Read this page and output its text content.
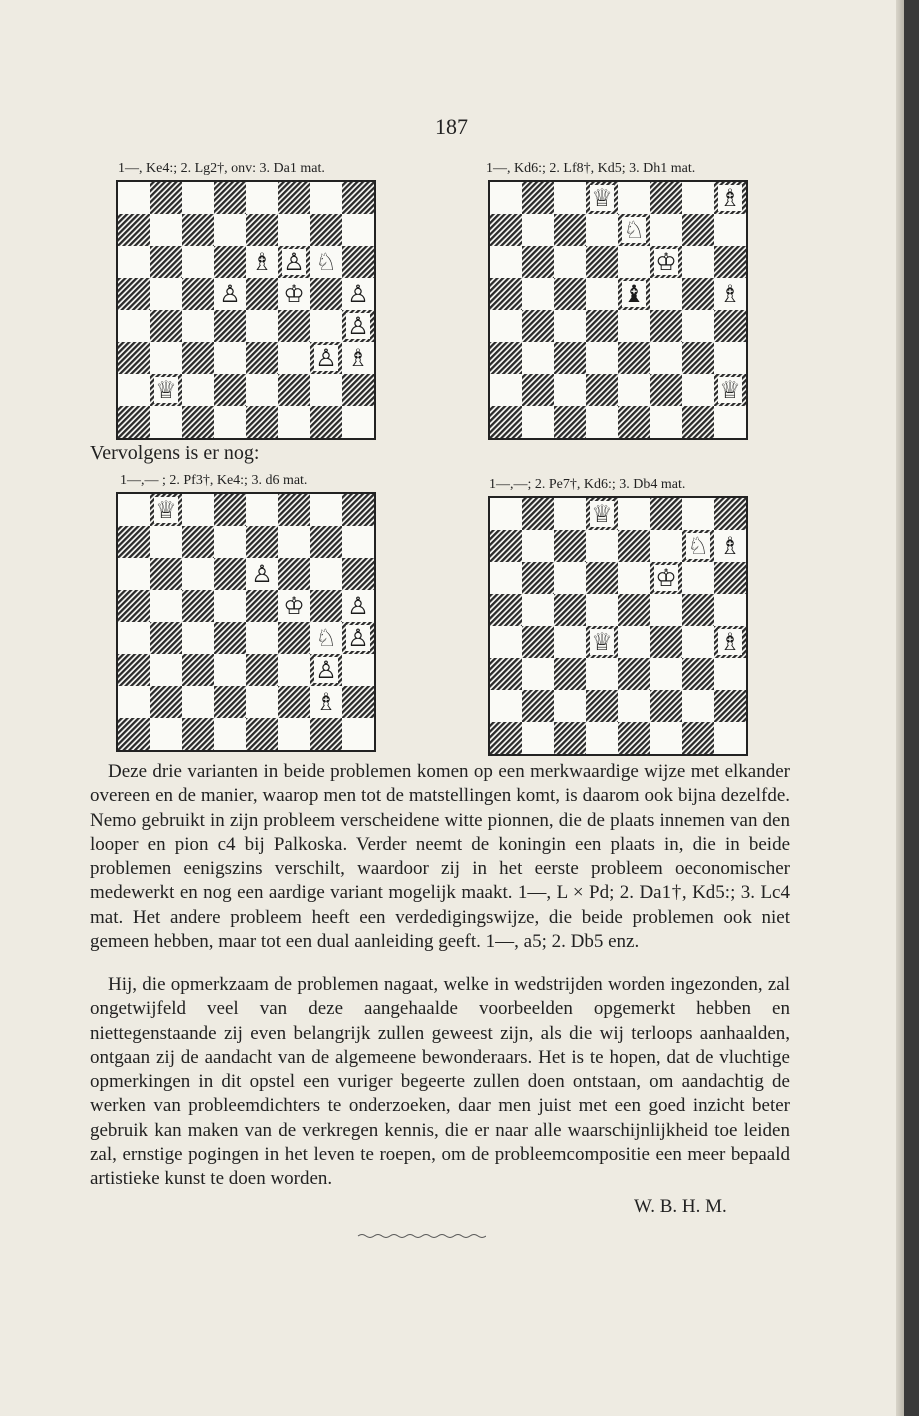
187
1—, Ke4:; 2. Lg2†, onv: 3. Da1 mat.
♗ ♙ ♘
♙ ♔ ♙
♙
♙ ♗
♕
1—, Kd6:; 2. Lf8†, Kd5; 3. Dh1 mat.
♕	♗
♘
♔
♝	♗
♕
Vervolgens is er nog:
1—,— ; 2. Pf3†, Ke4:; 3. d6 mat.
♕
♙
♔ ♙
♘ ♙
♙
♗
1—,—; 2. Pe7†, Kd6:; 3. Db4 mat.
♕
♘ ♗
♔
♕	♗

Deze drie varianten in beide problemen komen op een merkwaardige wijze met elkander overeen en de manier, waarop men tot de matstellingen komt, is daarom ook bijna dezelfde. Nemo gebruikt in zijn probleem verscheidene witte pionnen, die de plaats innemen van den looper en pion c4 bij Palkoska. Verder neemt de koningin een plaats in, die in beide problemen eenigszins verschilt, waardoor zij in het eerste probleem oeconomischer medewerkt en nog een aardige variant mogelijk maakt. 1—, L × Pd; 2. Da1†, Kd5:; 3. Lc4 mat. Het andere probleem heeft een verdedigingswijze, die beide problemen ook niet gemeen hebben, maar tot een dual aanleiding geeft. 1—, a5; 2. Db5 enz.

Hij, die opmerkzaam de problemen nagaat, welke in wedstrijden worden ingezonden, zal ongetwijfeld veel van deze aangehaalde voorbeelden opgemerkt hebben en niettegenstaande zij even belangrijk zullen geweest zijn, als die wij terloops aanhaalden, ontgaan zij de aandacht van de algemeene bewonderaars. Het is te hopen, dat de vluchtige opmerkingen in dit opstel een vuriger begeerte zullen doen ontstaan, om aandachtig de werken van probleemdichters te onderzoeken, daar men juist met een goed inzicht beter gebruik kan maken van de verkregen kennis, die er naar alle waarschijnlijkheid toe leiden zal, ernstige pogingen in het leven te roepen, om de probleemcompositie een meer bepaald artistieke kunst te doen worden.

W. B. H. M.
